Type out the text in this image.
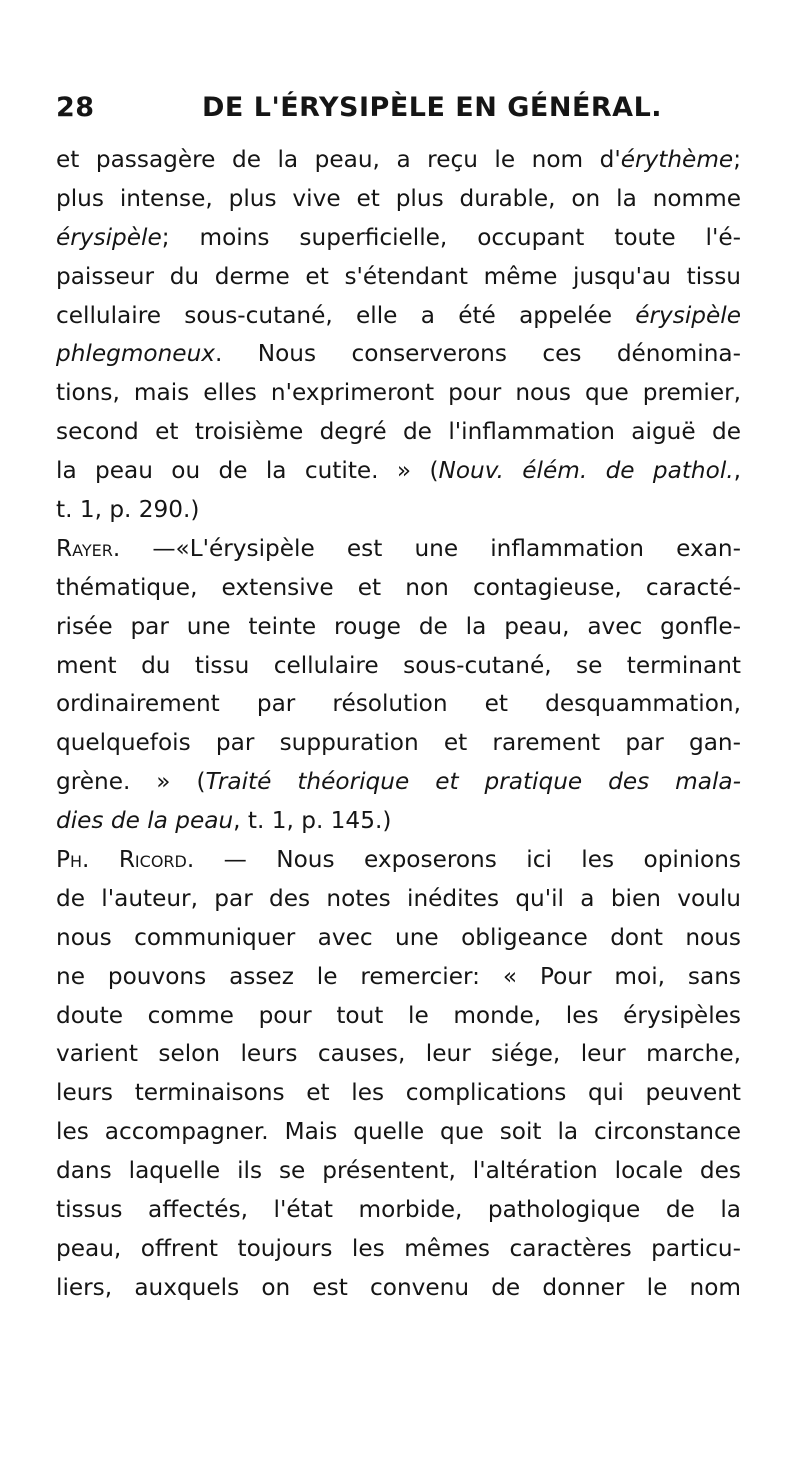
28	DE L'ÉRYSIPÈLE EN GÉNÉRAL.
et passagère de la peau, a reçu le nom d'érythème;
plus intense, plus vive et plus durable, on la nomme
érysipèle; moins superficielle, occupant toute l'é-
paisseur du derme et s'étendant même jusqu'au tissu
cellulaire sous-cutané, elle a été appelée érysipèle
phlegmoneux. Nous conserverons ces dénomina-
tions, mais elles n'exprimeront pour nous que premier,
second et troisième degré de l'inflammation aiguë de
la peau ou de la cutite. » (Nouv. élém. de pathol.,
t. 1, p. 290.)
Rayer. —«L'érysipèle est une inflammation exan-
thématique, extensive et non contagieuse, caracté-
risée par une teinte rouge de la peau, avec gonfle-
ment du tissu cellulaire sous-cutané, se terminant
ordinairement par résolution et desquammation,
quelquefois par suppuration et rarement par gan-
grène. » (Traité théorique et pratique des mala-
dies de la peau, t. 1, p. 145.)
Ph. Ricord. — Nous exposerons ici les opinions
de l'auteur, par des notes inédites qu'il a bien voulu
nous communiquer avec une obligeance dont nous
ne pouvons assez le remercier: « Pour moi, sans
doute comme pour tout le monde, les érysipèles
varient selon leurs causes, leur siége, leur marche,
leurs terminaisons et les complications qui peuvent
les accompagner. Mais quelle que soit la circonstance
dans laquelle ils se présentent, l'altération locale des
tissus affectés, l'état morbide, pathologique de la
peau, offrent toujours les mêmes caractères particu-
liers, auxquels on est convenu de donner le nom
